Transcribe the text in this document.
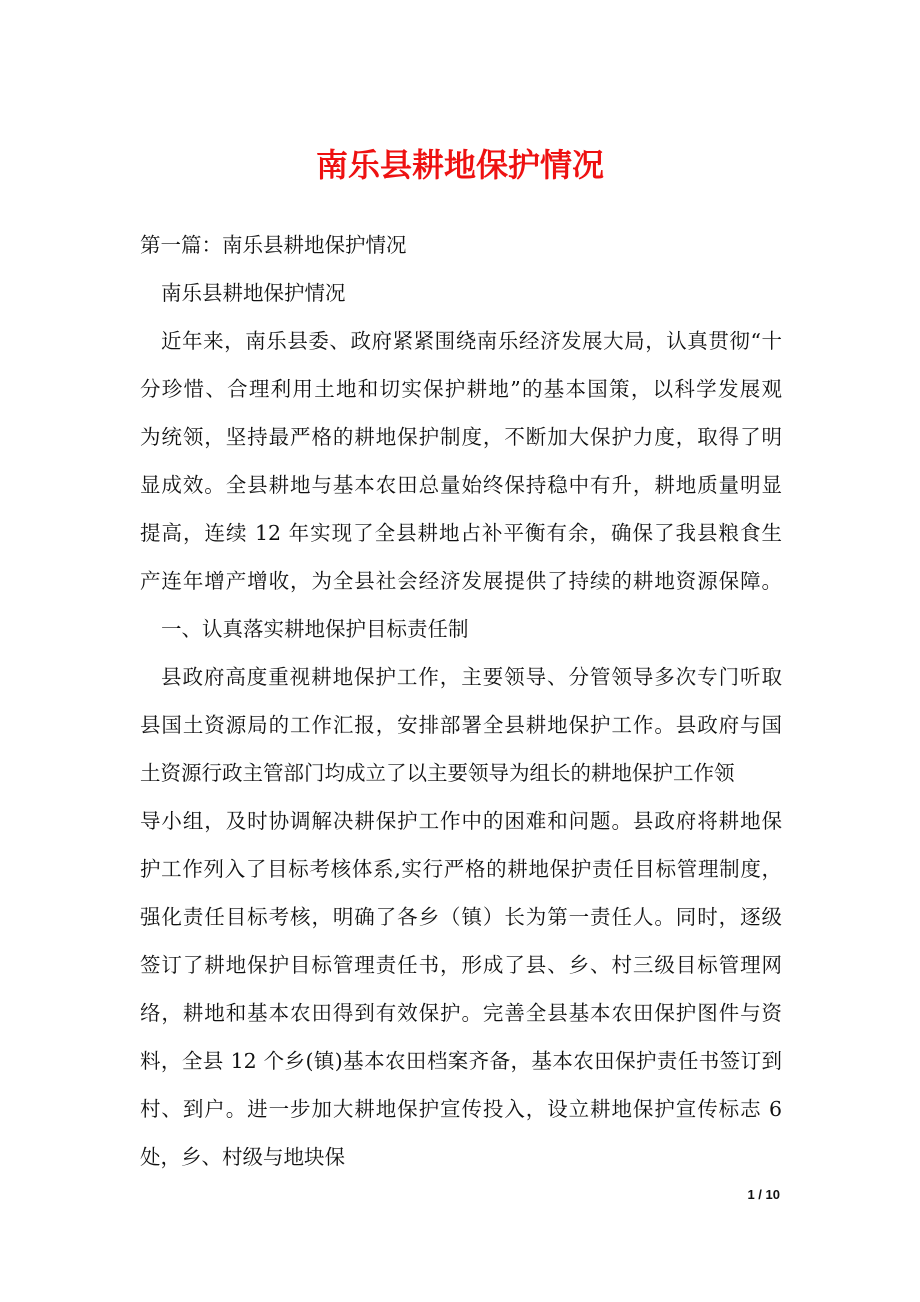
南乐县耕地保护情况
第一篇：南乐县耕地保护情况
南乐县耕地保护情况
近年来，南乐县委、政府紧紧围绕南乐经济发展大局，认真贯彻“十
分珍惜、合理利用土地和切实保护耕地”的基本国策，以科学发展观
为统领，坚持最严格的耕地保护制度，不断加大保护力度，取得了明
显成效。全县耕地与基本农田总量始终保持稳中有升，耕地质量明显
提高，连续 12 年实现了全县耕地占补平衡有余，确保了我县粮食生
产连年增产增收，为全县社会经济发展提供了持续的耕地资源保障。
一、认真落实耕地保护目标责任制
县政府高度重视耕地保护工作，主要领导、分管领导多次专门听取
县国土资源局的工作汇报，安排部署全县耕地保护工作。县政府与国
土资源行政主管部门均成立了以主要领导为组长的耕地保护工作领
导小组，及时协调解决耕保护工作中的困难和问题。县政府将耕地保
护工作列入了目标考核体系,实行严格的耕地保护责任目标管理制度，
强化责任目标考核，明确了各乡（镇）长为第一责任人。同时，逐级
签订了耕地保护目标管理责任书，形成了县、乡、村三级目标管理网
络，耕地和基本农田得到有效保护。完善全县基本农田保护图件与资
料，全县 12 个乡(镇)基本农田档案齐备，基本农田保护责任书签订到
村、到户。进一步加大耕地保护宣传投入，设立耕地保护宣传标志 6
处，乡、村级与地块保
1 / 10
